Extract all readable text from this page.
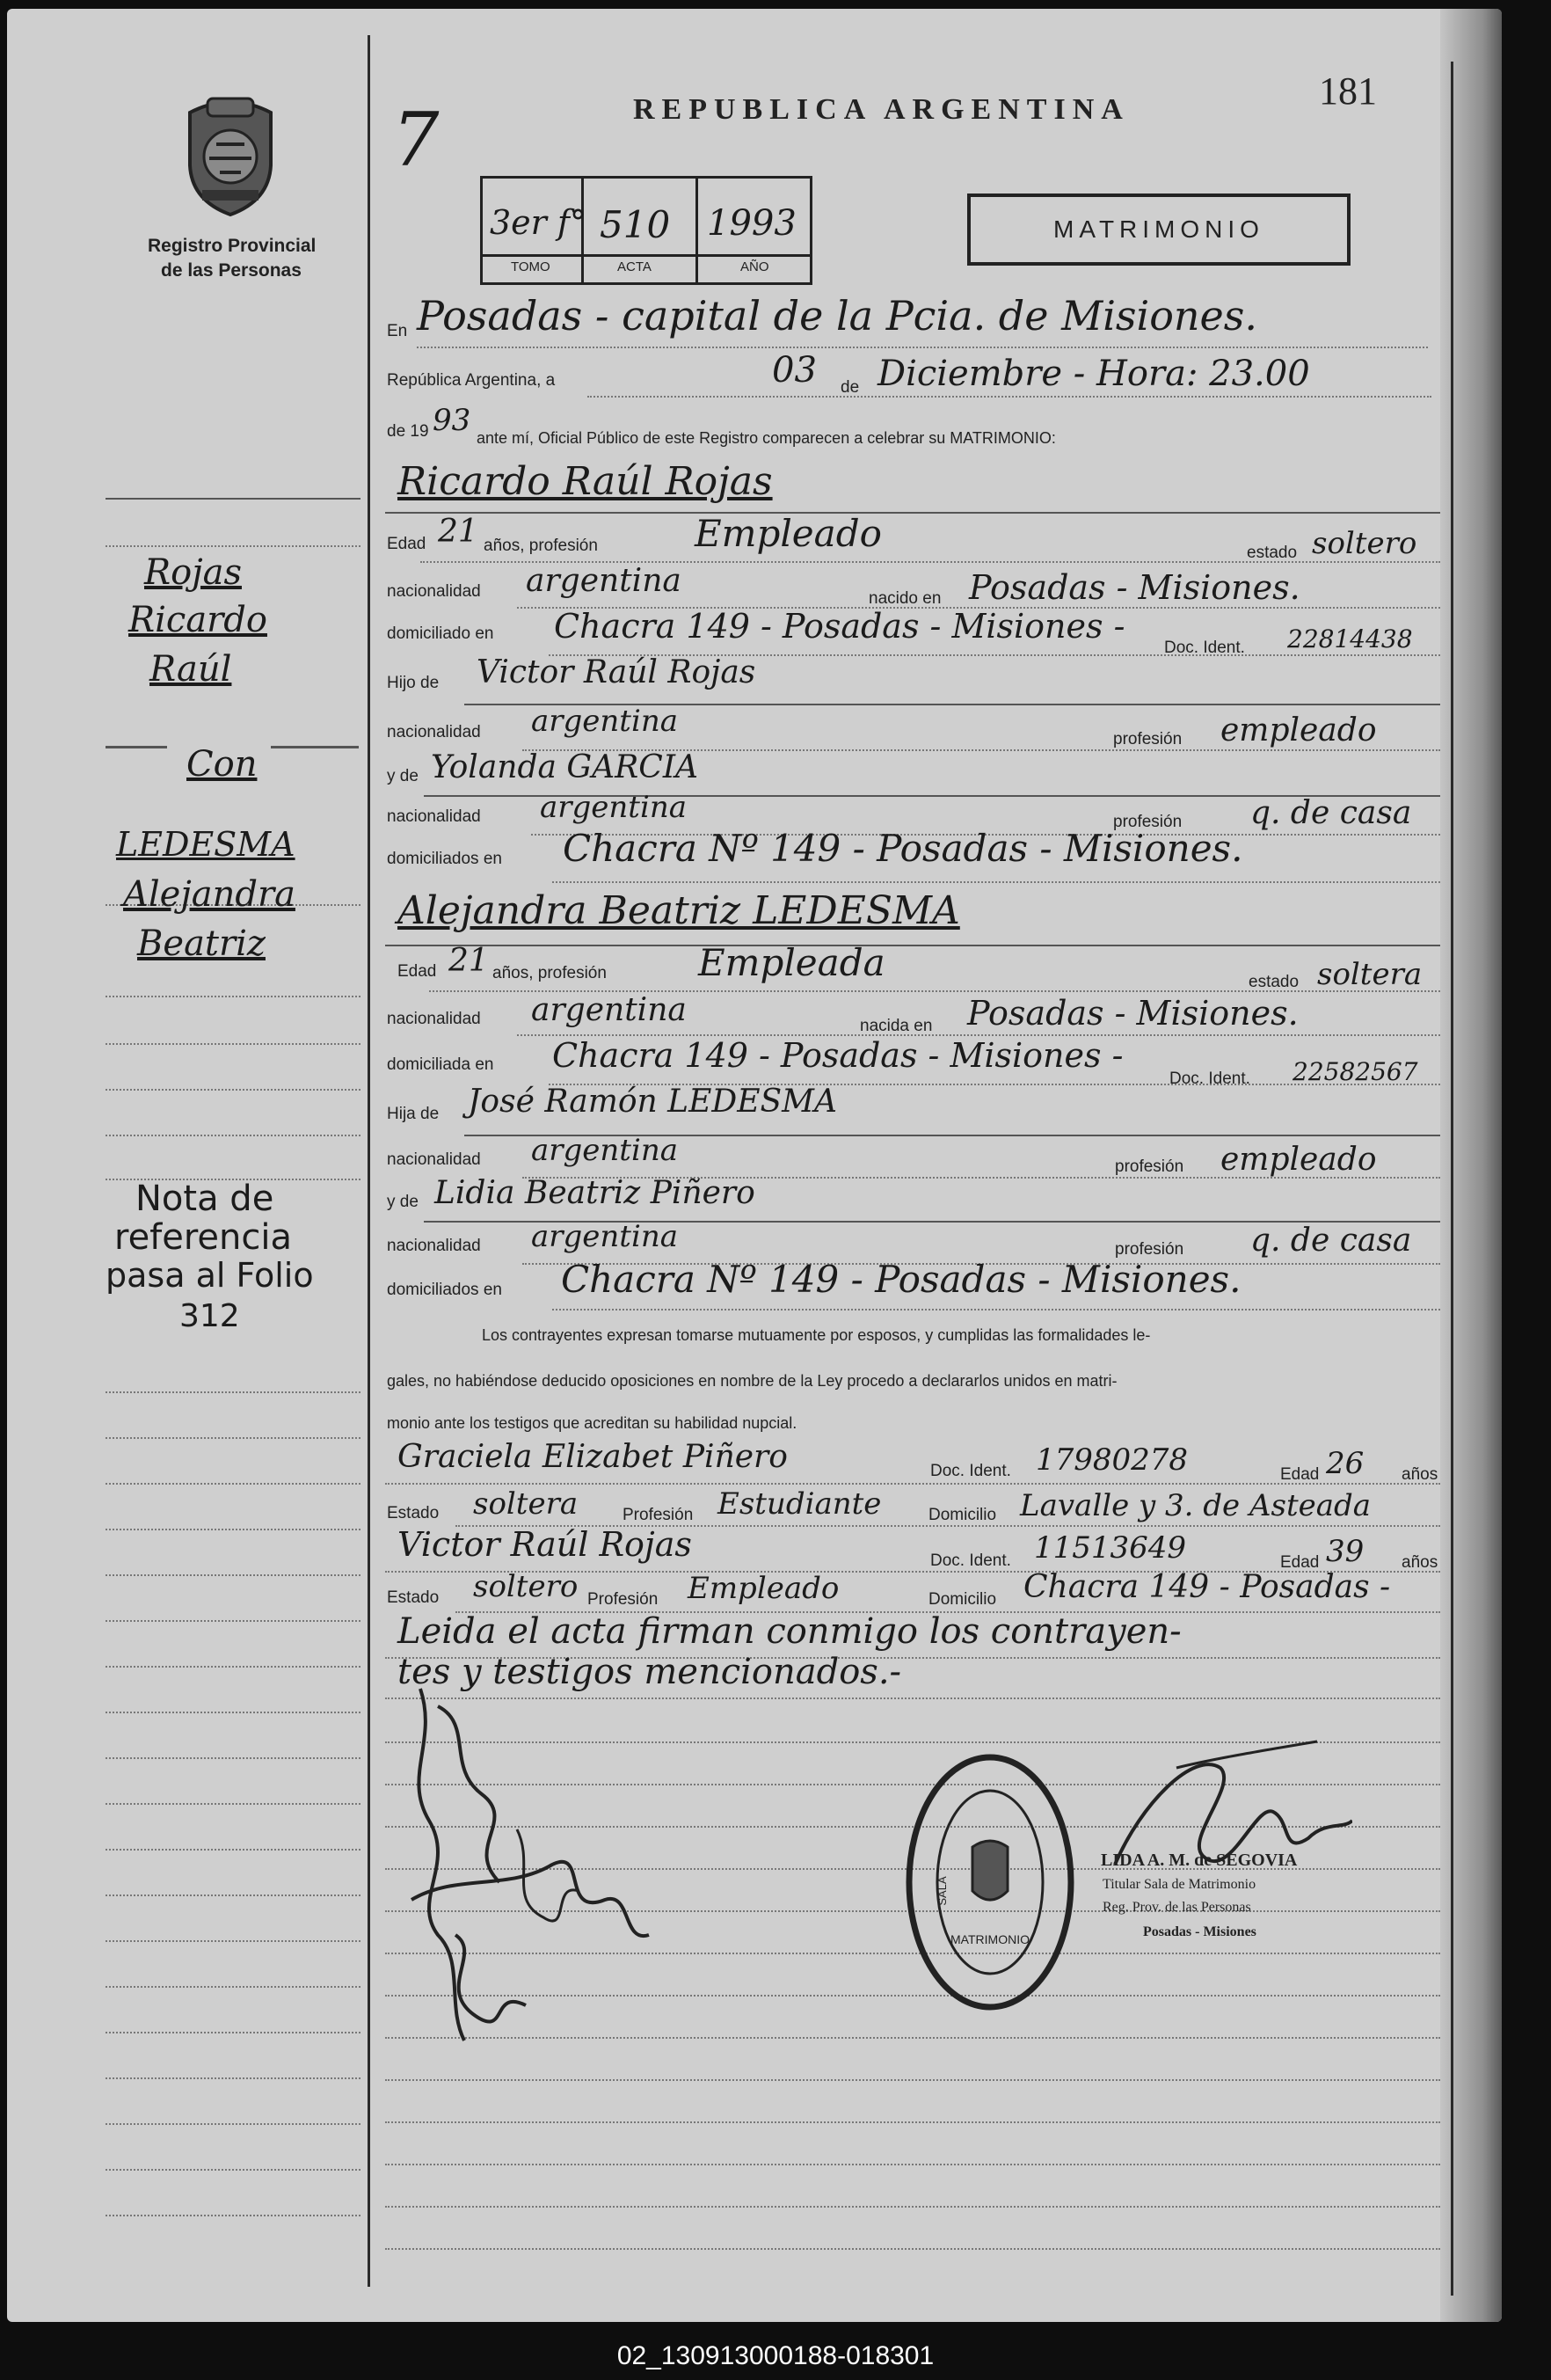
Registro Provincial
de las Personas
REPUBLICA ARGENTINA	181
7
3er f°
TOMO
510
ACTA
1993
AÑO
MATRIMONIO
En Posadas - capital de la Pcia. de Misiones.
República Argentina, a	03 de Diciembre - Hora: 23.00
de 19 93 ante mí, Oficial Público de este Registro comparecen a celebrar su MATRIMONIO:
Ricardo Raúl Rojas
Edad 21 años, profesión	Empleado	estado soltero
nacionalidad argentina	nacido en Posadas - Misiones.
domiciliado en Chacra 149 - Posadas - Misiones -
Doc. Ident. 22814438
Hijo de Victor Raúl Rojas
nacionalidad argentina
profesión empleado
y de Yolanda GARCIA
nacionalidad argentina	profesión q. de casa
domiciliados en Chacra Nº 149 - Posadas - Misiones.
Alejandra Beatriz LEDESMA
Edad 21 años, profesión Empleada	estado soltera
nacionalidad argentina	nacida en Posadas - Misiones.
domiciliada en Chacra 149 - Posadas - Misiones -
Doc. Ident. 22582567
Hija de José Ramón LEDESMA
nacionalidad argentina	profesión empleado
y de Lidia Beatriz Piñero
nacionalidad argentina	profesión q. de casa
domiciliados en Chacra Nº 149 - Posadas - Misiones.
Los contrayentes expresan tomarse mutuamente por esposos, y cumplidas las formalidades le-
gales, no habiéndose deducido oposiciones en nombre de la Ley procedo a declararlos unidos en matri-
monio ante los testigos que acreditan su habilidad nupcial.
Graciela Elizabet Piñero	Doc. Ident. 17980278	Edad 26 años
Estado soltera	Profesión Estudiante	Domicilio Lavalle y 3. de Asteada
Victor Raúl Rojas	Doc. Ident. 11513649	Edad 39 años
Estado soltero Profesión Empleado	Domicilio Chacra 149 - Posadas -
Leida el acta firman conmigo los contrayen-
tes y testigos mencionados.-
Rojas
Ricardo
Raúl
Con
LEDESMA
Alejandra
Beatriz
Nota de
referencia
pasa al Folio
312
MATRIMONIO
SALA
LIDA A. M. de SEGOVIA
Titular Sala de Matrimonio
Reg. Prov. de las Personas
Posadas - Misiones
02_130913000188-018301
